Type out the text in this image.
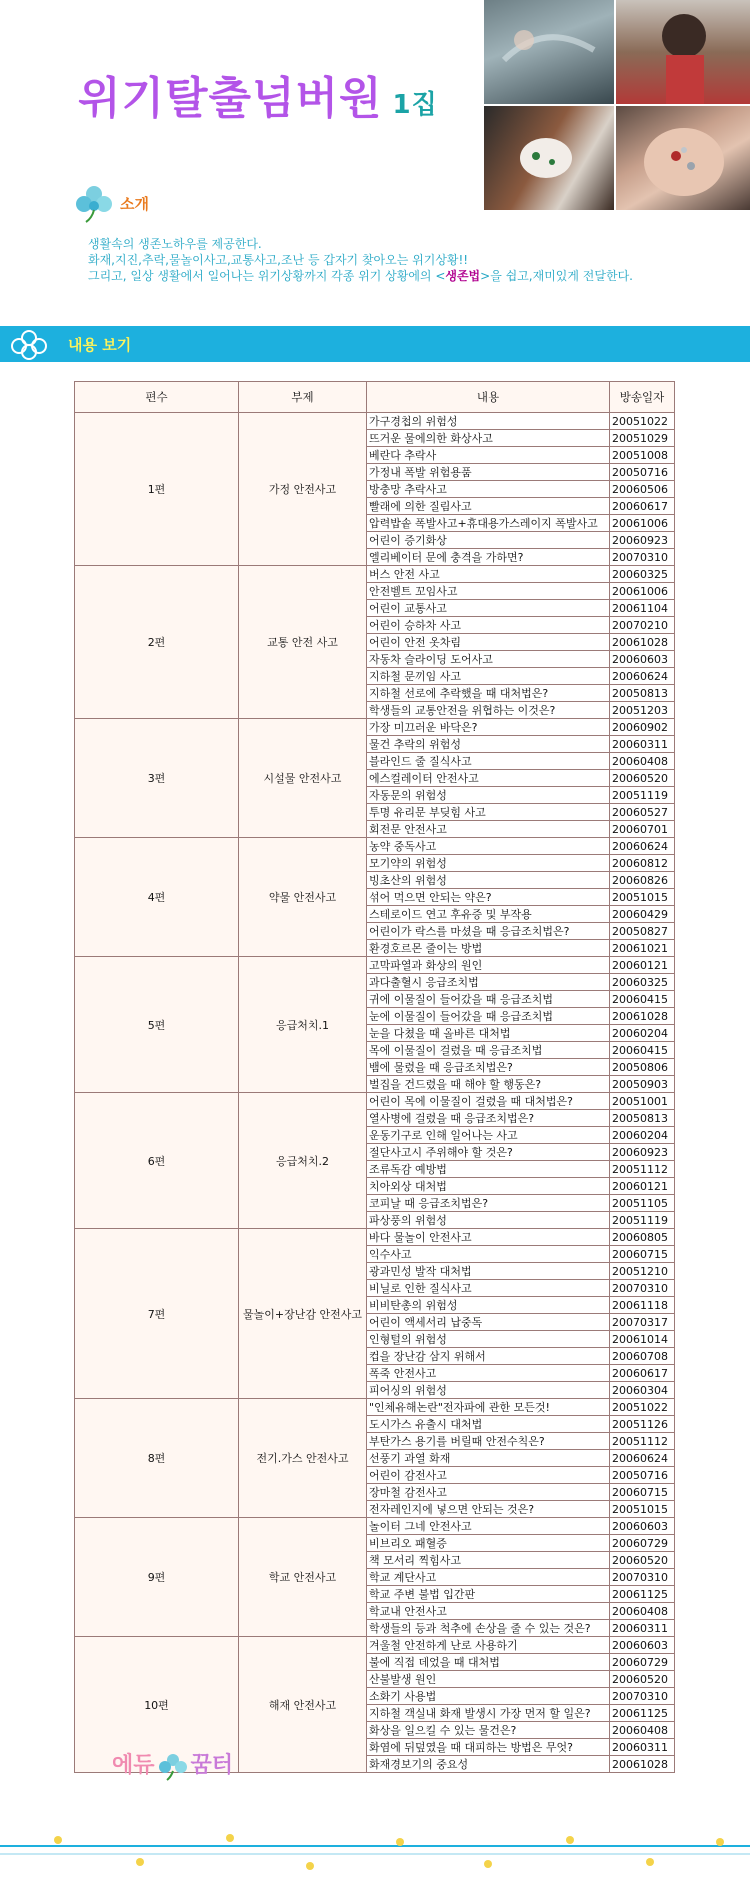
위기탈출넘버원 1집
소개
생활속의 생존노하우를 제공한다.
화재,지진,추락,물놀이사고,교통사고,조난 등 갑자기 찾아오는 위기상황!!
그리고, 일상 생활에서 일어나는 위기상황까지 각종 위기 상황에의 <생존법>을 쉽고,재미있게 전달한다.
내용 보기
편수	부제	내용	방송일자
1편	가정 안전사고	가구경첩의 위험성	20051022
		뜨거운 물에의한 화상사고	20051029
		베란다 추락사	20051008
		가정내 폭발 위험용품	20050716
		방충망 추락사고	20060506
		빨래에 의한 질림사고	20060617
		압력밥솥 폭발사고+휴대용가스레이지 폭발사고	20061006
		어린이 증기화상	20060923
		엘리베이터 문에 충격을 가하면?	20070310
2편	교통 안전 사고	버스 안전 사고	20060325
		안전벨트 꼬임사고	20061006
		어린이 교통사고	20061104
		어린이 승하차 사고	20070210
		어린이 안전 옷차림	20061028
		자동차 슬라이딩 도어사고	20060603
		지하철 문끼임 사고	20060624
		지하철 선로에 추락했을 때 대처법은?	20050813
		학생들의 교통안전을 위협하는 이것은?	20051203
3편	시설물 안전사고	가장 미끄러운 바닥은?	20060902
		물건 추락의 위험성	20060311
		블라인드 줄 질식사고	20060408
		에스컬레이터 안전사고	20060520
		자동문의 위험성	20051119
		투명 유리문 부딪힘 사고	20060527
		회전문 안전사고	20060701
4편	약물 안전사고	농약 중독사고	20060624
		모기약의 위험성	20060812
		빙초산의 위험성	20060826
		섞어 먹으면 안되는 약은?	20051015
		스테로이드 연고 후유증 및 부작용	20060429
		어린이가 락스를 마셨을 때 응급조치법은?	20050827
		환경호르몬 줄이는 방법	20061021
5편	응급처치.1	고막파열과 화상의 원인	20060121
		과다출혈시 응급조치법	20060325
		귀에 이물질이 들어갔을 때 응급조치법	20060415
		눈에 이물질이 들어갔을 때 응급조치법	20061028
		눈을 다쳤을 때 올바른 대처법	20060204
		목에 이물질이 걸렸을 때 응급조치법	20060415
		뱀에 물렸을 때 응급조치법은?	20050806
		벌집을 건드렸을 때 해야 할 행동은?	20050903
6편	응급처치.2	어린이 목에 이물질이 걸렸을 때 대처법은?	20051001
		열사병에 걸렸을 때 응급조치법은?	20050813
		운동기구로 인해 일어나는 사고	20060204
		절단사고시 주위해야 할 것은?	20060923
		조류독감 예방법	20051112
		치아외상 대처법	20060121
		코피날 때 응급조치법은?	20051105
		파상풍의 위험성	20051119
7편	물놀이+장난감 안전사고	바다 물놀이 안전사고	20060805
		익수사고	20060715
		광과민성 발작 대처법	20051210
		비닐로 인한 질식사고	20070310
		비비탄총의 위험성	20061118
		어린이 액세서리 납중독	20070317
		인형털의 위험성	20061014
		컵을 장난감 삼지 위해서	20060708
		폭죽 안전사고	20060617
		피어싱의 위험성	20060304
8편	전기.가스 안전사고	"인체유해논란"전자파에 관한 모든것!	20051022
		도시가스 유출시 대처법	20051126
		부탄가스 용기를 버릴때 안전수칙은?	20051112
		선풍기 과열 화재	20060624
		어린이 감전사고	20050716
		장마철 감전사고	20060715
		전자레인지에 넣으면 안되는 것은?	20051015
9편	학교 안전사고	놀이터 그네 안전사고	20060603
		비브리오 패혈증	20060729
		책 모서리 찍힘사고	20060520
		학교 계단사고	20070310
		학교 주변 불법 입간판	20061125
		학교내 안전사고	20060408
		학생들의 등과 척추에 손상을 줄 수 있는 것은?	20060311
10편	해재 안전사고	겨울철 안전하게 난로 사용하기	20060603
		불에 직접 데었을 때 대처법	20060729
		산불발생 원인	20060520
		소화기 사용법	20070310
		지하철 객실내 화재 발생시 가장 먼저 할 일은?	20061125
		화상을 일으킬 수 있는 물건은?	20060408
		화염에 뒤덮였을 때 대피하는 방법은 무엇?	20060311
		화재경보기의 중요성	20061028
에듀 꿈터
